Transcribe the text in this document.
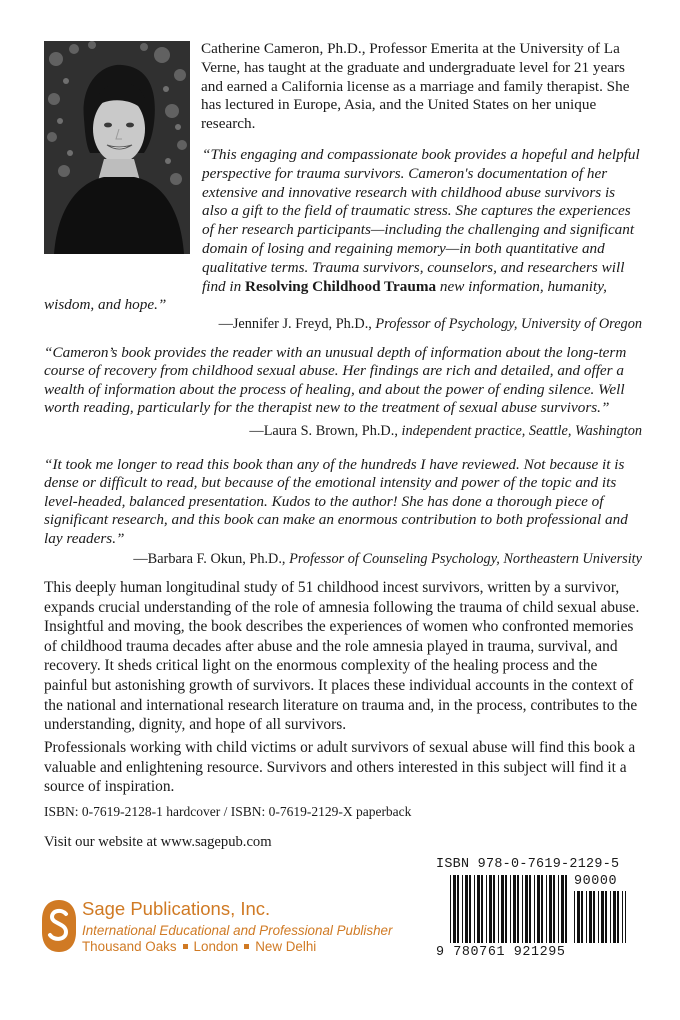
Catherine Cameron, Ph.D., Professor Emerita at the University of La Verne, has taught at the graduate and undergraduate level for 21 years and earned a California license as a marriage and family therapist. She has lectured in Europe, Asia, and the United States on her unique research.

“This engaging and compassionate book provides a hopeful and helpful perspective for trauma survivors. Cameron's documentation of her extensive and innovative research with childhood abuse survivors is also a gift to the field of traumatic stress. She captures the experiences of her research participants—including the challenging and significant domain of losing and regaining memory—in both quantitative and qualitative terms. Trauma survivors, counselors, and researchers will find in Resolving Childhood Trauma new information, humanity, wisdom, and hope.”

—Jennifer J. Freyd, Ph.D., Professor of Psychology, University of Oregon

“Cameron’s book provides the reader with an unusual depth of information about the long-term course of recovery from childhood sexual abuse. Her findings are rich and detailed, and offer a wealth of information about the process of healing, and about the power of ending silence. Well worth reading, particularly for the therapist new to the treatment of sexual abuse survivors.”

—Laura S. Brown, Ph.D., independent practice, Seattle, Washington

“It took me longer to read this book than any of the hundreds I have reviewed. Not because it is dense or difficult to read, but because of the emotional intensity and power of the topic and its level-headed, balanced presentation. Kudos to the author! She has done a thorough piece of significant research, and this book can make an enormous contribution to both professional and lay readers.”

—Barbara F. Okun, Ph.D., Professor of Counseling Psychology, Northeastern University

This deeply human longitudinal study of 51 childhood incest survivors, written by a survivor, expands crucial understanding of the role of amnesia following the trauma of child sexual abuse. Insightful and moving, the book describes the experiences of women who confronted memories of childhood trauma decades after abuse and the role amnesia played in trauma, survival, and recovery. It sheds critical light on the enormous complexity of the healing process and the painful but astonishing growth of survivors. It places these individual accounts in the context of the national and international research literature on trauma and, in the process, contributes to the understanding, dignity, and hope of all survivors.

Professionals working with child victims or adult survivors of sexual abuse will find this book a valuable and enlightening resource. Survivors and others interested in this subject will find it a source of inspiration.

ISBN: 0-7619-2128-1 hardcover / ISBN: 0-7619-2129-X paperback

Visit our website at www.sagepub.com

Sage Publications, Inc.
International Educational and Professional Publisher
Thousand Oaks London New Delhi
ISBN 978-0-7619-2129-5
90000
9 780761 921295
